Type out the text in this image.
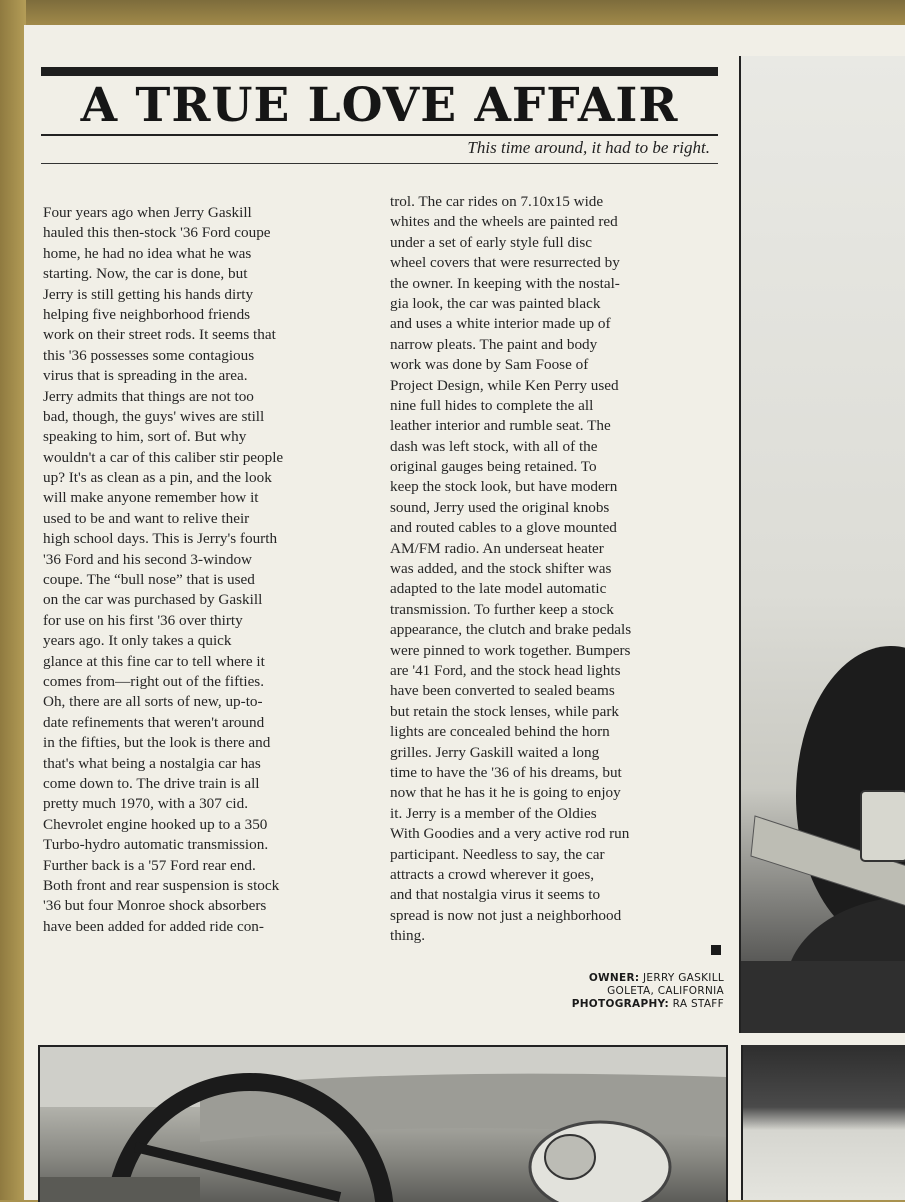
A TRUE LOVE AFFAIR

This time around, it had to be right.

Four years ago when Jerry Gaskill
hauled this then-stock '36 Ford coupe
home, he had no idea what he was
starting. Now, the car is done, but
Jerry is still getting his hands dirty
helping five neighborhood friends
work on their street rods. It seems that
this '36 possesses some contagious
virus that is spreading in the area.
Jerry admits that things are not too
bad, though, the guys' wives are still
speaking to him, sort of. But why
wouldn't a car of this caliber stir people
up? It's as clean as a pin, and the look
will make anyone remember how it
used to be and want to relive their
high school days. This is Jerry's fourth
'36 Ford and his second 3-window
coupe. The “bull nose” that is used
on the car was purchased by Gaskill
for use on his first '36 over thirty
years ago. It only takes a quick
glance at this fine car to tell where it
comes from—right out of the fifties.
Oh, there are all sorts of new, up-to-
date refinements that weren't around
in the fifties, but the look is there and
that's what being a nostalgia car has
come down to. The drive train is all
pretty much 1970, with a 307 cid.
Chevrolet engine hooked up to a 350
Turbo-hydro automatic transmission.
Further back is a '57 Ford rear end.
Both front and rear suspension is stock
'36 but four Monroe shock absorbers
have been added for added ride con-
trol. The car rides on 7.10x15 wide
whites and the wheels are painted red
under a set of early style full disc
wheel covers that were resurrected by
the owner. In keeping with the nostal-
gia look, the car was painted black
and uses a white interior made up of
narrow pleats. The paint and body
work was done by Sam Foose of
Project Design, while Ken Perry used
nine full hides to complete the all
leather interior and rumble seat. The
dash was left stock, with all of the
original gauges being retained. To
keep the stock look, but have modern
sound, Jerry used the original knobs
and routed cables to a glove mounted
AM/FM radio. An underseat heater
was added, and the stock shifter was
adapted to the late model automatic
transmission. To further keep a stock
appearance, the clutch and brake pedals
were pinned to work together. Bumpers
are '41 Ford, and the stock head lights
have been converted to sealed beams
but retain the stock lenses, while park
lights are concealed behind the horn
grilles. Jerry Gaskill waited a long
time to have the '36 of his dreams, but
now that he has it he is going to enjoy
it. Jerry is a member of the Oldies
With Goodies and a very active rod run
participant. Needless to say, the car
attracts a crowd wherever it goes,
and that nostalgia virus it seems to
spread is now not just a neighborhood
thing.
OWNER: JERRY GASKILL
GOLETA, CALIFORNIA
PHOTOGRAPHY: RA STAFF
